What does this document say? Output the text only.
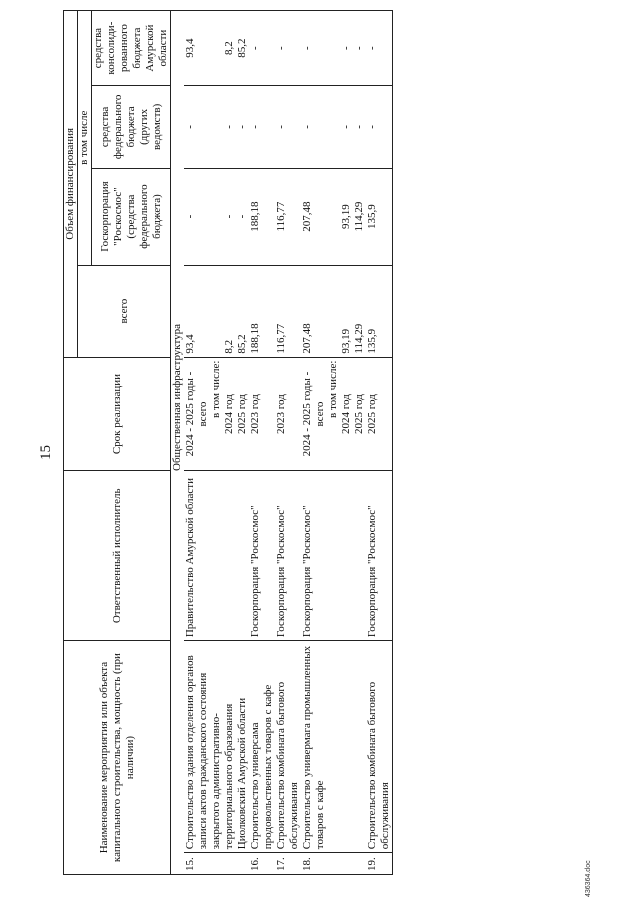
15
Наименование мероприятия или объекта капитального строительства, мощность (при наличии)		Ответственный исполнитель	Срок реализации	Объем финансирования			
				всего	в том числе		
					Госкорпорация "Роскосмос" (средства федерального бюджета)	средства федерального бюджета (других ведомств)	средства консолиди-рованного бюджета Амурской области
			Общественная инфраструктура				
15.	Строительство здания отделения органов записи актов гражданского состояния закрытого административно-территориального образования Циолковский Амурской области	Правительство Амурской области	2024 - 2025 годы - всего	93,4	-	-	93,4
			в том числе:				
			2024 год	8,2	-	-	8,2
			2025 год	85,2	-	-	85,2
16.	Строительство универсама продовольственных товаров с кафе	Госкорпорация "Роскосмос"	2023 год	188,18	188,18	-	-
17.	Строительство комбината бытового обслуживания	Госкорпорация "Роскосмос"	2023 год	116,77	116,77	-	-
18.	Строительство универмага промышленных товаров с кафе	Госкорпорация "Роскосмос"	2024 - 2025 годы - всего	207,48	207,48	-	-
			в том числе:				
			2024 год	93,19	93,19	-	-
			2025 год	114,29	114,29	-	-
19.	Строительство комбината бытового обслуживания	Госкорпорация "Роскосмос"	2025 год	135,9	135,9	-	-
436364.doc
